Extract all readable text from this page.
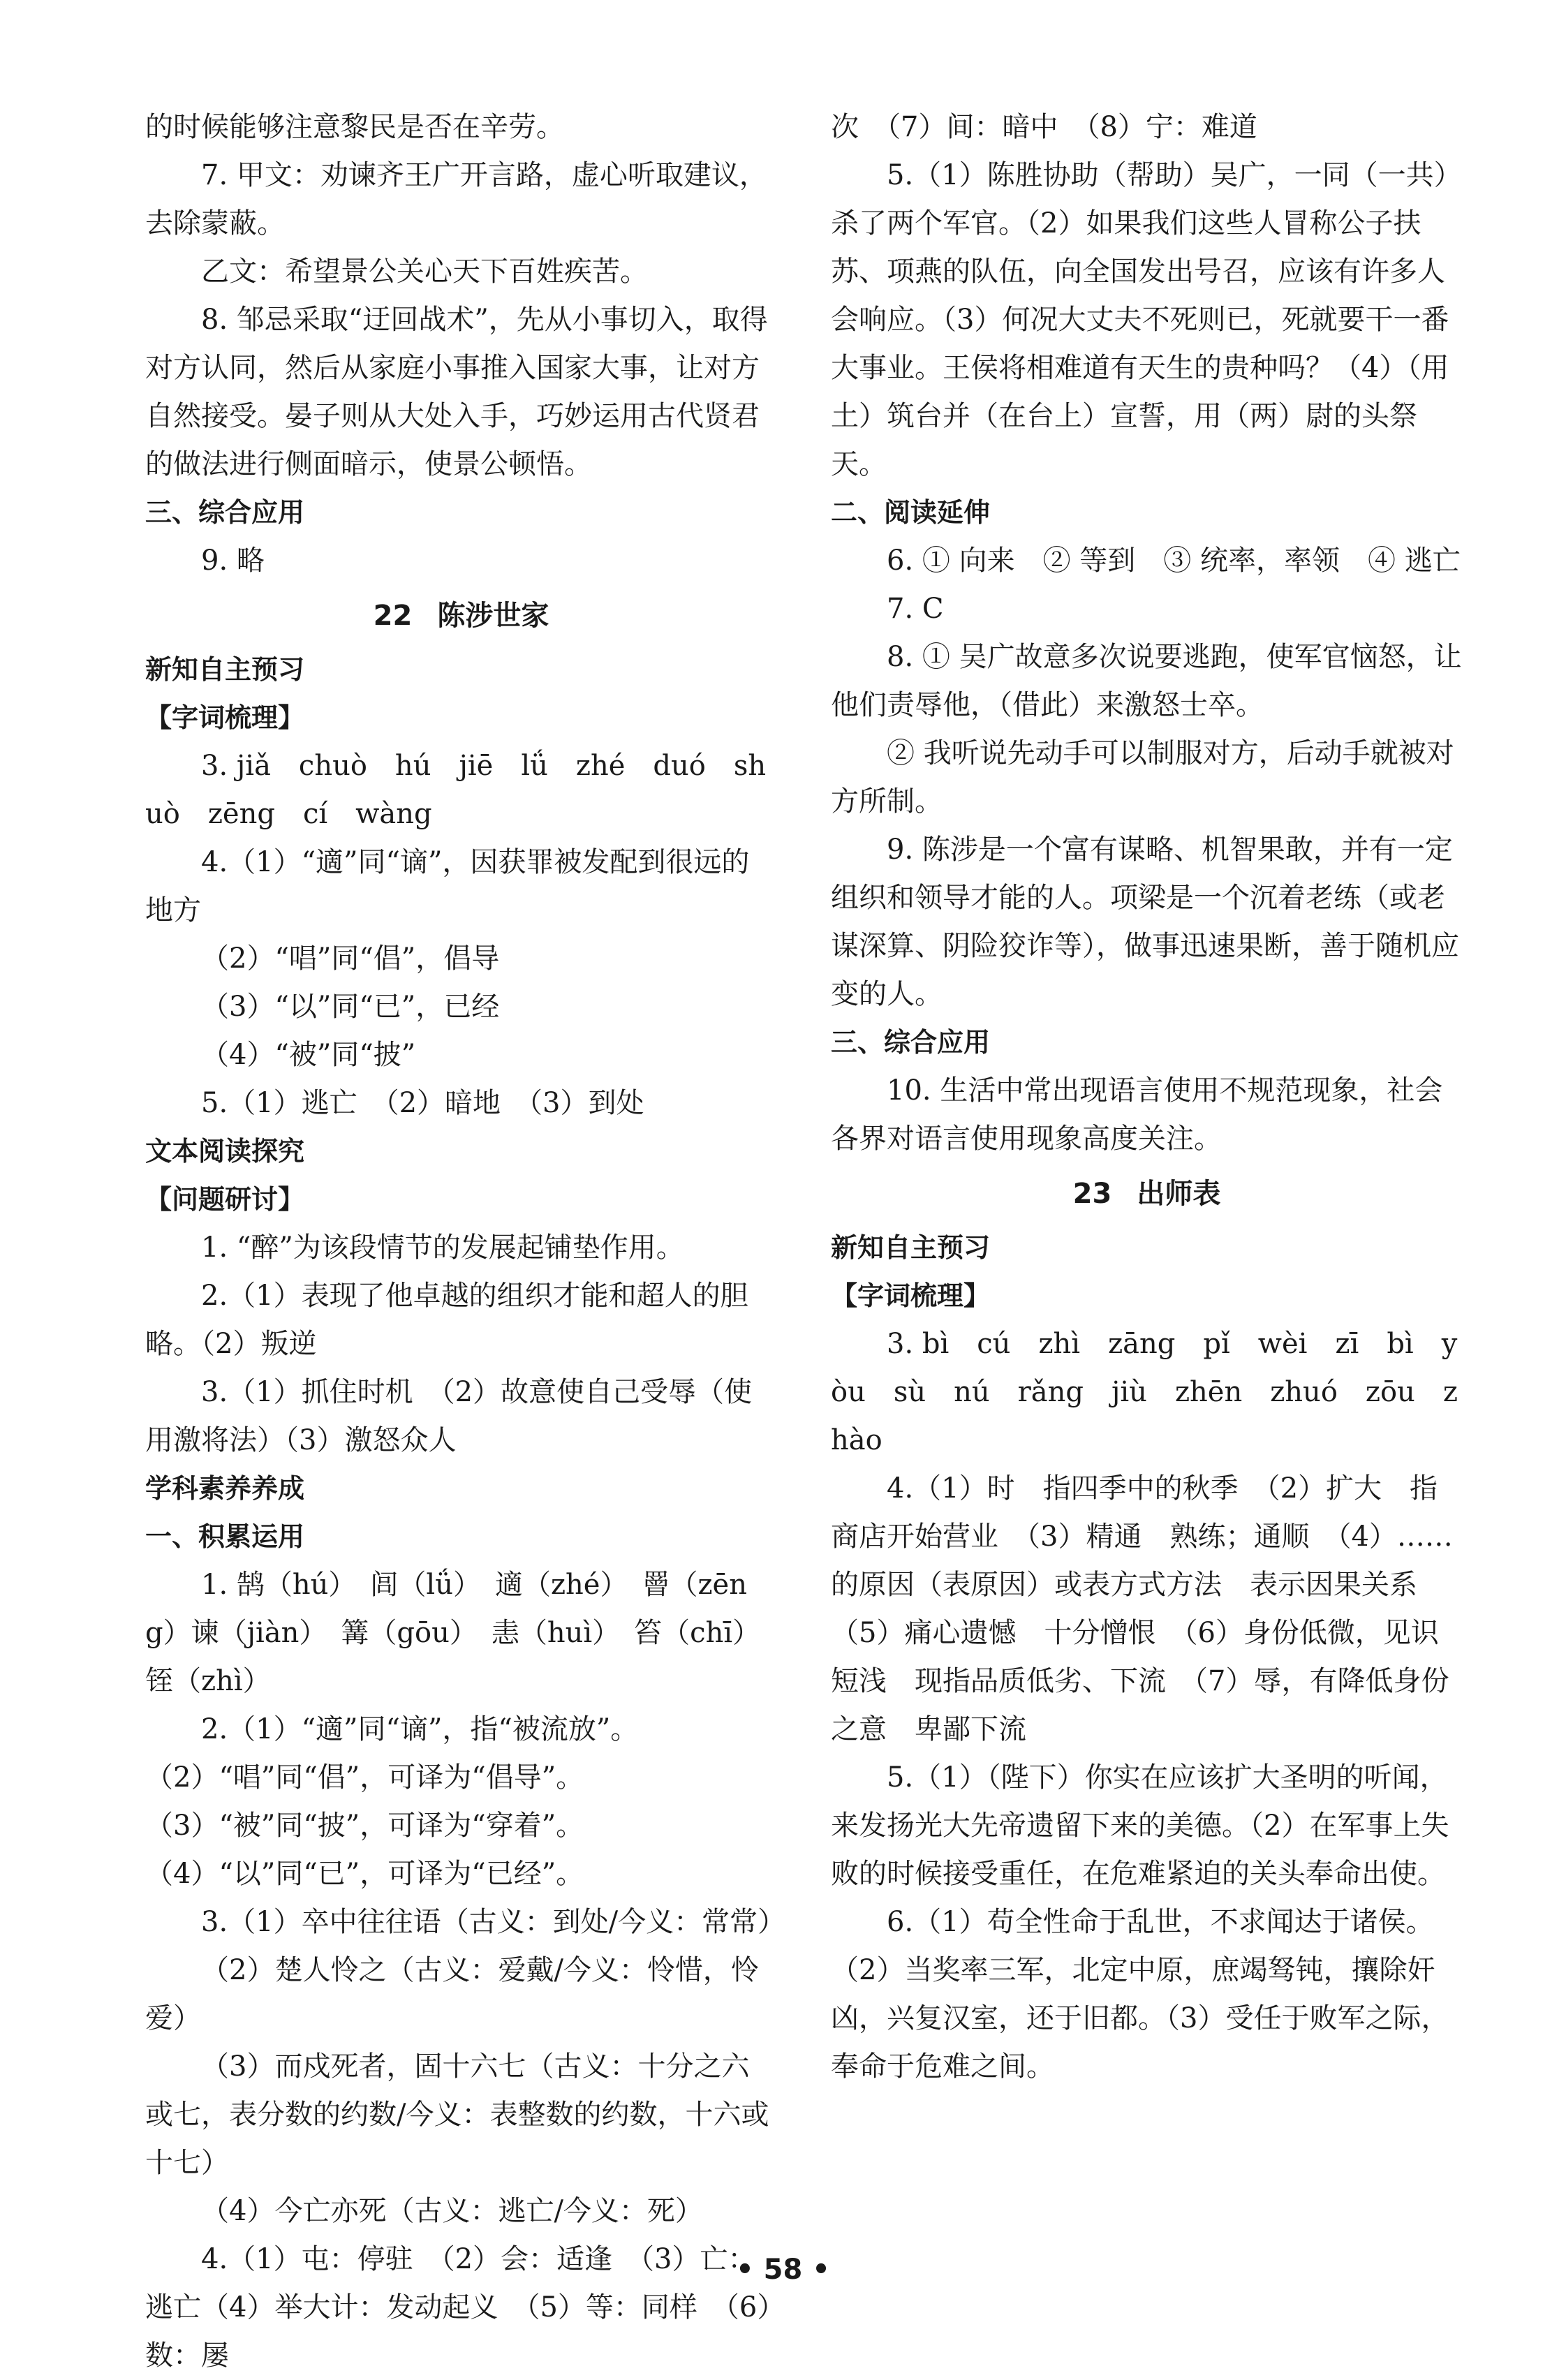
的时候能够注意黎民是否在辛劳。

7. 甲文：劝谏齐王广开言路，虚心听取建议，去除蒙蔽。

乙文：希望景公关心天下百姓疾苦。

8. 邹忌采取“迂回战术”，先从小事切入，取得对方认同，然后从家庭小事推入国家大事，让对方自然接受。晏子则从大处入手，巧妙运用古代贤君的做法进行侧面暗示，使景公顿悟。

三、综合应用

9. 略

22 陈涉世家

新知自主预习

【字词梳理】

3. jiǎ　chuò　hú　jiē　lǘ　zhé　duó　shuò　zēng　cí　wàng

4.（1）“適”同“谪”，因获罪被发配到很远的地方

（2）“唱”同“倡”，倡导

（3）“以”同“已”，已经

（4）“被”同“披”

5.（1）逃亡　（2）暗地　（3）到处

文本阅读探究

【问题研讨】

1. “醉”为该段情节的发展起铺垫作用。

2.（1）表现了他卓越的组织才能和超人的胆略。（2）叛逆

3.（1）抓住时机　（2）故意使自己受辱（使用激将法）（3）激怒众人

学科素养养成

一、积累运用

1. 鹄（hú）　闾（lǘ）　適（zhé）　罾（zēng）谏（jiàn）　篝（gōu）　恚（huì）　笞（chī）　铚（zhì）

2.（1）“適”同“谪”，指“被流放”。（2）“唱”同“倡”，可译为“倡导”。（3）“被”同“披”，可译为“穿着”。（4）“以”同“已”，可译为“已经”。

3.（1）卒中往往语（古义：到处/今义：常常）

（2）楚人怜之（古义：爱戴/今义：怜惜，怜爱）

（3）而戍死者，固十六七（古义：十分之六或七，表分数的约数/今义：表整数的约数，十六或十七）

（4）今亡亦死（古义：逃亡/今义：死）

4.（1）屯：停驻　（2）会：适逢　（3）亡：逃亡（4）举大计：发动起义　（5）等：同样　（6）数：屡

次　（7）间：暗中　（8）宁：难道

5.（1）陈胜协助（帮助）吴广，一同（一共）杀了两个军官。（2）如果我们这些人冒称公子扶苏、项燕的队伍，向全国发出号召，应该有许多人会响应。（3）何况大丈夫不死则已，死就要干一番大事业。王侯将相难道有天生的贵种吗？（4）（用土）筑台并（在台上）宣誓，用（两）尉的头祭天。

二、阅读延伸

6. ① 向来　② 等到　③ 统率，率领　④ 逃亡

7. C

8. ① 吴广故意多次说要逃跑，使军官恼怒，让他们责辱他，（借此）来激怒士卒。

② 我听说先动手可以制服对方，后动手就被对方所制。

9. 陈涉是一个富有谋略、机智果敢，并有一定组织和领导才能的人。项梁是一个沉着老练（或老谋深算、阴险狡诈等），做事迅速果断，善于随机应变的人。

三、综合应用

10. 生活中常出现语言使用不规范现象，社会各界对语言使用现象高度关注。

23 出师表

新知自主预习

【字词梳理】

3. bì　cú　zhì　zāng　pǐ　wèi　zī　bì　yòu　sù　nú　rǎng　jiù　zhēn　zhuó　zōu　zhào

4.（1）时　指四季中的秋季　（2）扩大　指商店开始营业　（3）精通　熟练；通顺　（4）……的原因（表原因）或表方式方法　表示因果关系（5）痛心遗憾　十分憎恨　（6）身份低微，见识短浅　现指品质低劣、下流　（7）辱，有降低身份之意　卑鄙下流

5.（1）（陛下）你实在应该扩大圣明的听闻，来发扬光大先帝遗留下来的美德。（2）在军事上失败的时候接受重任，在危难紧迫的关头奉命出使。

6.（1）苟全性命于乱世，不求闻达于诸侯。（2）当奖率三军，北定中原，庶竭驽钝，攘除奸凶，兴复汉室，还于旧都。（3）受任于败军之际，奉命于危难之间。

• 58 •
